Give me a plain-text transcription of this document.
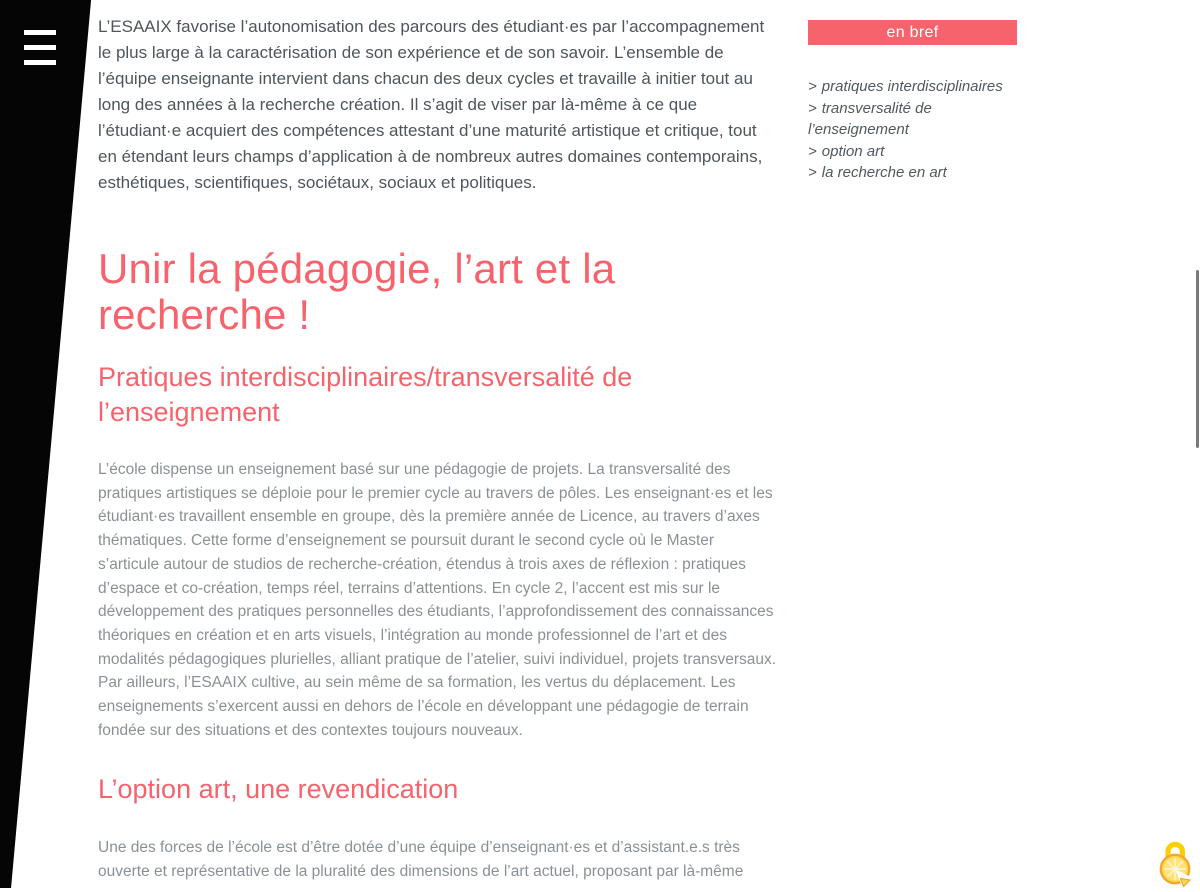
L’ESAAIX favorise l’autonomisation des parcours des étudiant·es par l’accompagnement le plus large à la caractérisation de son expérience et de son savoir. L’ensemble de l’équipe enseignante intervient dans chacun des deux cycles et travaille à initier tout au long des années à la recherche création. Il s’agit de viser par là-même à ce que l’étudiant·e acquiert des compétences attestant d’une maturité artistique et critique, tout en étendant leurs champs d’application à de nombreux autres domaines contemporains, esthétiques, scientifiques, sociétaux, sociaux et politiques.

Unir la pédagogie, l’art et la recherche !
Pratiques interdisciplinaires/transversalité de l’enseignement

L’école dispense un enseignement basé sur une pédagogie de projets. La transversalité des pratiques artistiques se déploie pour le premier cycle au travers de pôles. Les enseignant·es et les étudiant·es travaillent ensemble en groupe, dès la première année de Licence, au travers d’axes thématiques. Cette forme d’enseignement se poursuit durant le second cycle où le Master s’articule autour de studios de recherche-création, étendus à trois axes de réflexion : pratiques d’espace et co-création, temps réel, terrains d’attentions. En cycle 2, l’accent est mis sur le développement des pratiques personnelles des étudiants, l’approfondissement des connaissances théoriques en création et en arts visuels, l’intégration au monde professionnel de l’art et des modalités pédagogiques plurielles, alliant pratique de l’atelier, suivi individuel, projets transversaux. Par ailleurs, l’ESAAIX cultive, au sein même de sa formation, les vertus du déplacement. Les enseignements s’exercent aussi en dehors de l’école en développant une pédagogie de terrain fondée sur des situations et des contextes toujours nouveaux.

L’option art, une revendication

Une des forces de l’école est d’être dotée d’une équipe d’enseignant·es et d’assistant.e.s très ouverte et représentative de la pluralité des dimensions de l’art actuel, proposant par là-même

en bref
> pratiques interdisciplinaires
> transversalité de l’enseignement
> option art
> la recherche en art
